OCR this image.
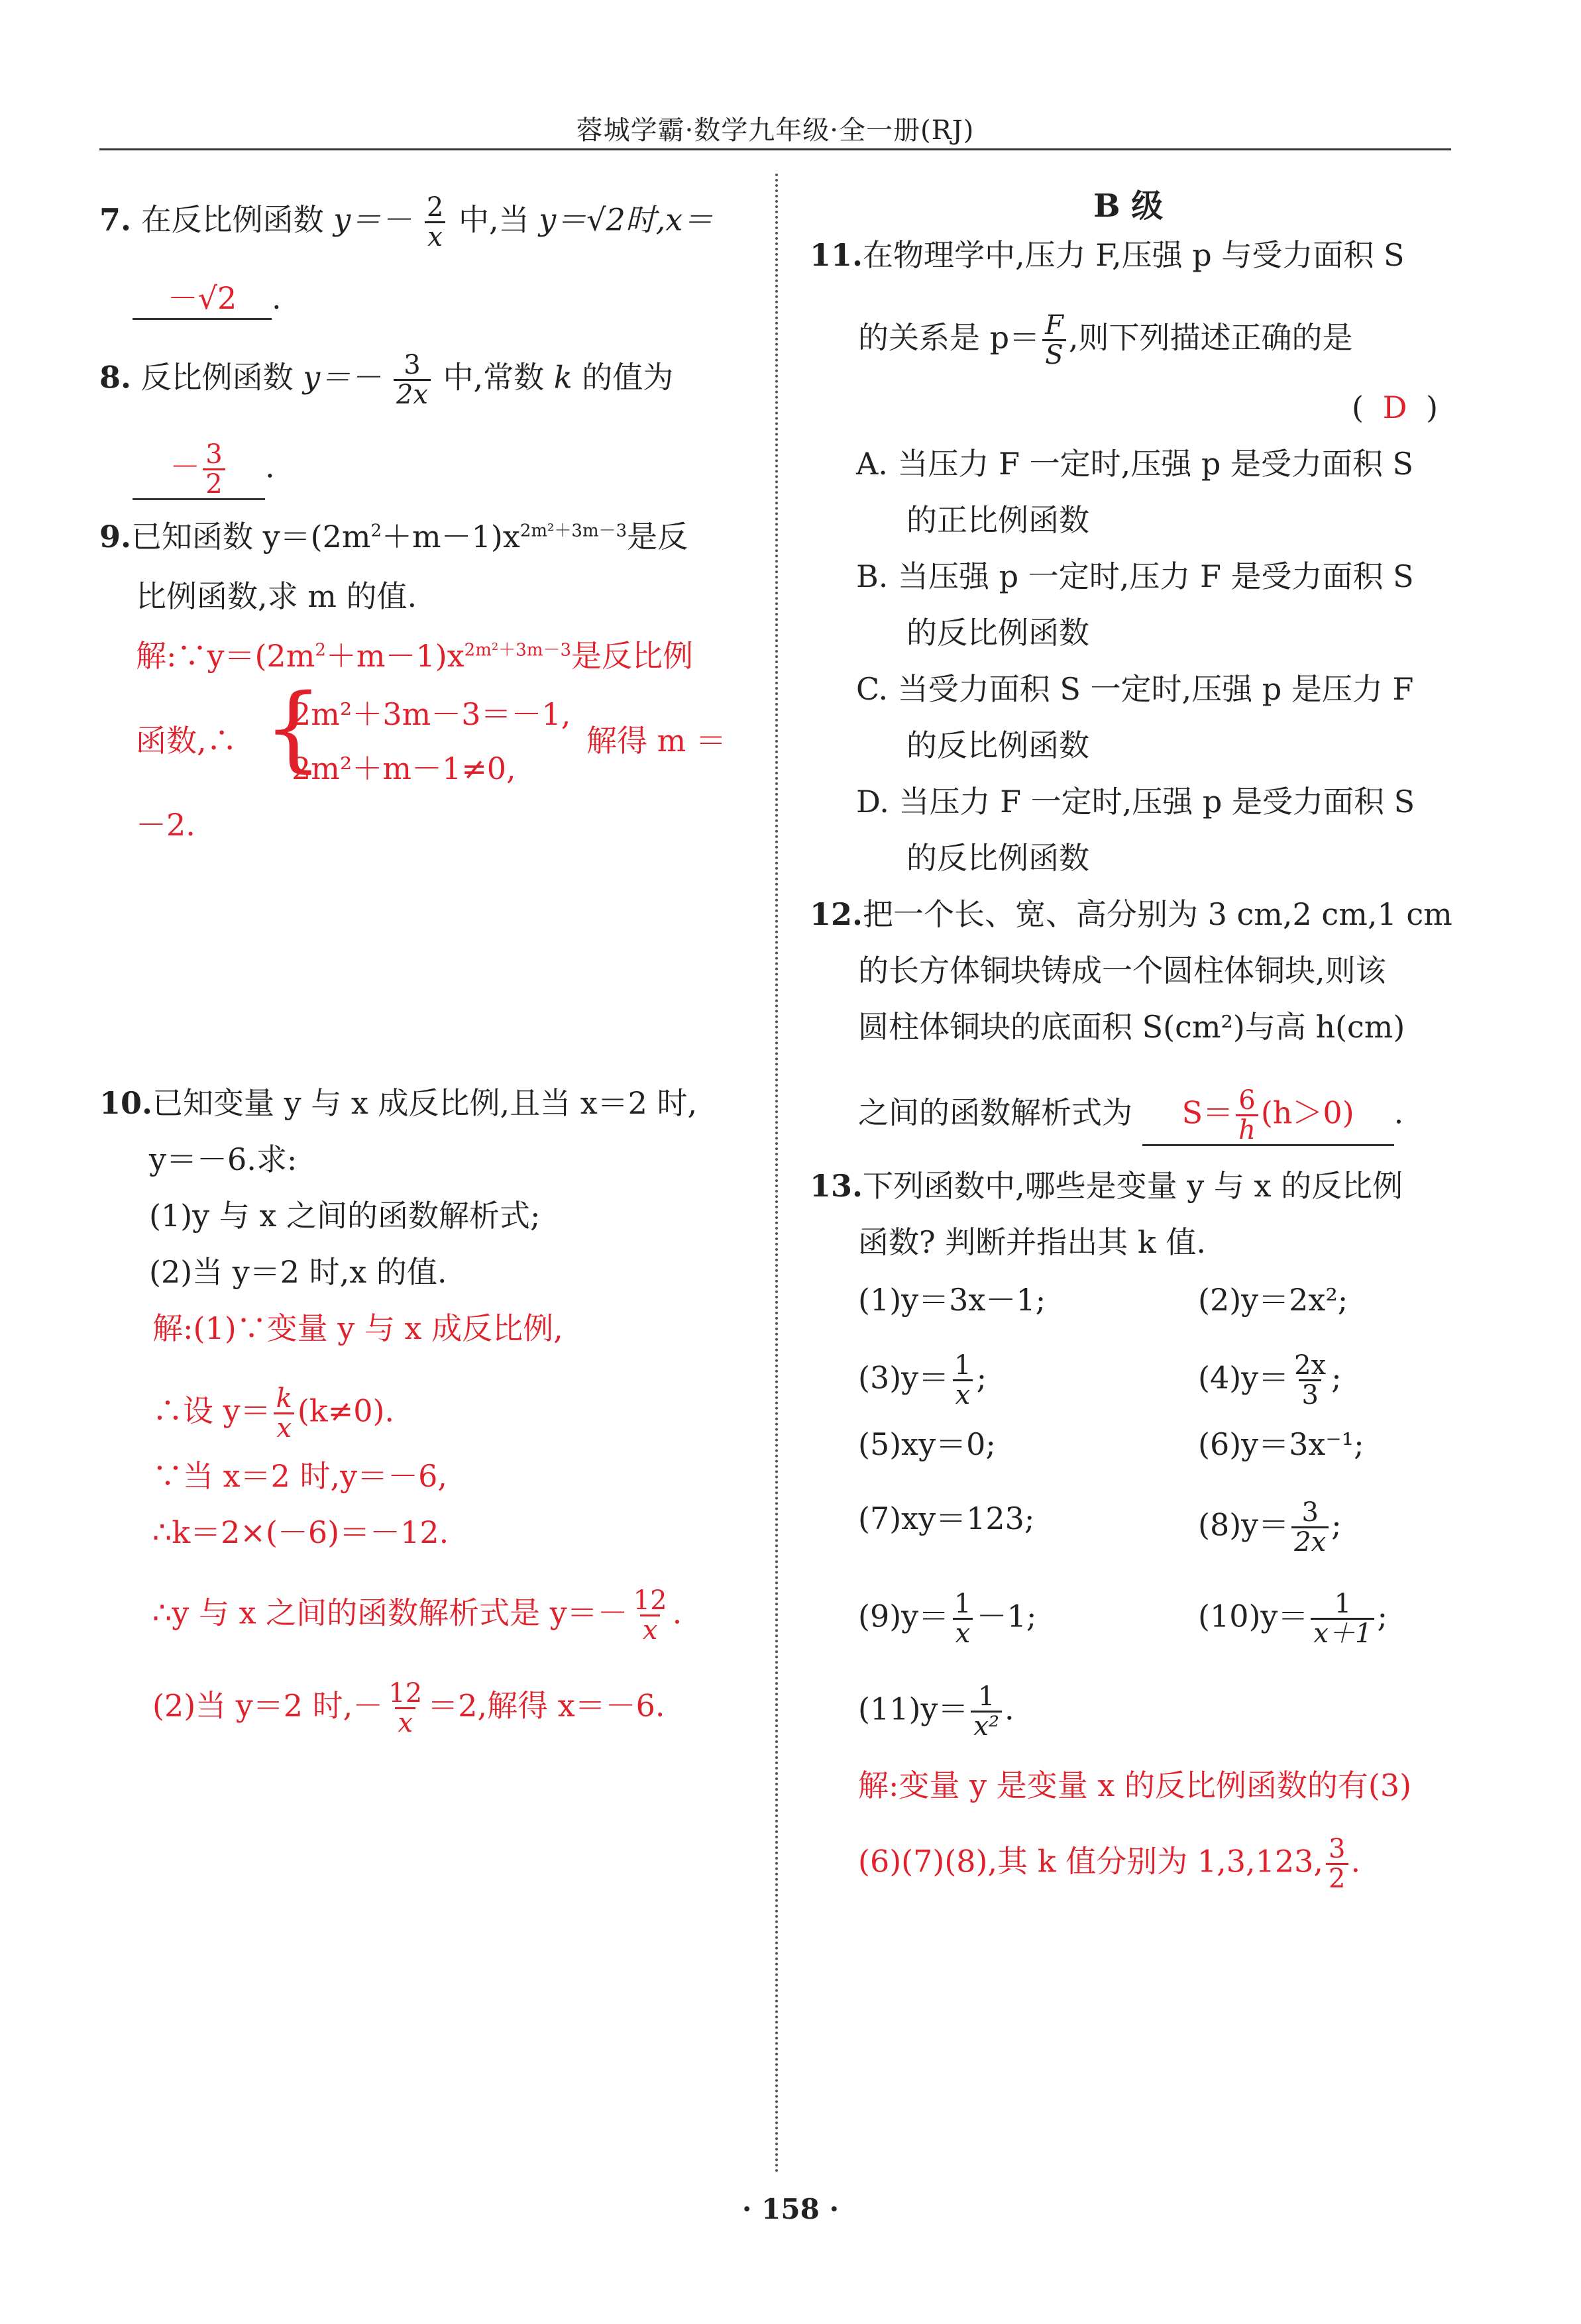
蓉城学霸·数学九年级·全一册(RJ)
7. 在反比例函数 $y=- \frac{2}{x}$ 中,当 y＝√2时,x＝
－√2 .
8. 反比例函数 $y=- \frac{3}{2x}$ 中,常数 k 的值为
－ $\frac{3}{2}$ .
9.已知函数 $y=(2m^2+m-1)x^{2m^2+3m-3}$是反
比例函数,求 m 的值.
解$:\because y=(2m^2+m-1)x^{2m^2+3m-3}$是反比例
函数,∴ {
2m²＋3m－3＝－1,
2m²＋m－1≠0,
解得 m ＝
－2.
10.已知变量 y 与 x 成反比例,且当 x＝2 时,
y＝－6.求:
(1)y 与 x 之间的函数解析式;
(2)当 y＝2 时,x 的值.
解:(1)∵变量 y 与 x 成反比例,
∴设 $y= \frac{k}{x} (k\ne 0)$.
∵当 x＝2 时,y＝－6,
∴k＝2×(－6)＝－12.
∴y 与 x 之间的函数解析式是 $y=- \frac{12}{x}$ .
(2)当 y＝2 时,－ $\frac{12}{x} =2$,解得 x＝－6.
B 级
11.在物理学中,压力 F,压强 p 与受力面积 S
的关系是 $p= \frac{F}{S}$ ,则下列描述正确的是
( D )
A. 当压力 F 一定时,压强 p 是受力面积 S
的正比例函数
B. 当压强 p 一定时,压力 F 是受力面积 S
的反比例函数
C. 当受力面积 S 一定时,压强 p 是压力 F
的反比例函数
D. 当压力 F 一定时,压强 p 是受力面积 S
的反比例函数
12.把一个长、宽、高分别为 3 cm,2 cm,1 cm
的长方体铜块铸成一个圆柱体铜块,则该
圆柱体铜块的底面积 S(cm²)与高 h(cm)
之间的函数解析式为 $S= \frac{6}{h} (h>0)$ .
13.下列函数中,哪些是变量 y 与 x 的反比例
函数? 判断并指出其 k 值.
(1)y＝3x－1;	(2)y＝2x²;
$(3)y= \frac{1}{x}$ ;	$(4)y= \frac{2x}{3}$ ;
(5)xy＝0;	(6)y＝3x⁻¹;
(7)xy＝123;	$(8)y= \frac{3}{2x}$ ;
$(9)y= \frac{1}{x} -1$;	$(10)y= \frac{1}{x+1}$ ;
$(11)y= \frac{1}{\text{x²}}$ .
解:变量 y 是变量 x 的反比例函数的有(3)
(6)(7)(8),其 k 值分别为 1,3,123, $\frac{3}{2}$ .
· 158 ·
